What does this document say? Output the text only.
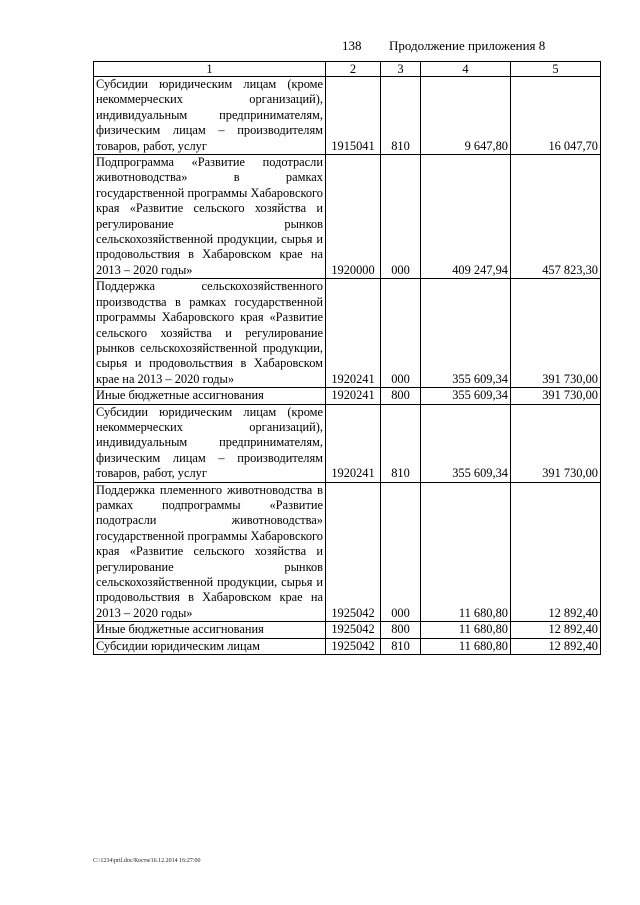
138 Продолжение приложения 8
1	2	3	4	5
Субсидии юридическим лицам (кроме некоммерческих организаций), индивидуальным предпринимателям, физическим лицам – производителям товаров, работ, услуг	1915041	810	9 647,80	16 047,70
Подпрограмма «Развитие подотрасли животноводства» в рамках государственной программы Хабаровского края «Развитие сельского хозяйства и регулирование рынков сельскохозяйственной продукции, сырья и продовольствия в Хабаровском крае на 2013 – 2020 годы»	1920000	000	409 247,94	457 823,30
Поддержка сельскохозяйственного производства в рамках государственной программы Хабаровского края «Развитие сельского хозяйства и регулирование рынков сельскохозяйственной продукции, сырья и продовольствия в Хабаровском крае на 2013 – 2020 годы»	1920241	000	355 609,34	391 730,00
Иные бюджетные ассигнования	1920241	800	355 609,34	391 730,00
Субсидии юридическим лицам (кроме некоммерческих организаций), индивидуальным предпринимателям, физическим лицам – производителям товаров, работ, услуг	1920241	810	355 609,34	391 730,00
Поддержка племенного животноводства в рамках подпрограммы «Развитие подотрасли животноводства» государственной программы Хабаровского края «Развитие сельского хозяйства и регулирование рынков сельскохозяйственной продукции, сырья и продовольствия в Хабаровском крае на 2013 – 2020 годы»	1925042	000	11 680,80	12 892,40
Иные бюджетные ассигнования	1925042	800	11 680,80	12 892,40
Субсидии юридическим лицам	1925042	810	11 680,80	12 892,40
C:\1234\pril.doc/Костя/16.12.2014 16:27:00
